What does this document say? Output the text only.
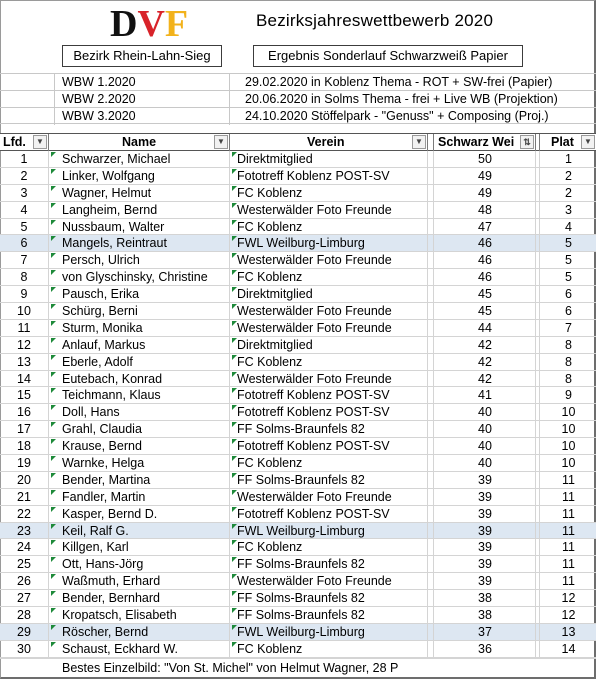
DVF	Bezirksjahreswettbewerb 2020
Bezirk Rhein-Lahn-Sieg	Ergebnis Sonderlauf Schwarzweiß Papier
WBW 1.2020	29.02.2020 in Koblenz Thema - ROT + SW-frei (Papier)
WBW 2.2020	20.06.2020 in Solms Thema - frei + Live WB (Projektion)
WBW 3.2020	24.10.2020 Stöffelpark - "Genuss" + Composing (Proj.)
Lfd.	▼	Name	▼	Verein	▼ Schwarz Wei	⇅ Plat	▼
1	Schwarzer, Michael	Direktmitglied	50	1
2	Linker, Wolfgang	Fototreff Koblenz POST-SV	49	2
3	Wagner, Helmut	FC Koblenz	49	2
4	Langheim, Bernd	Westerwälder Foto Freunde	48	3
5	Nussbaum, Walter	FC Koblenz	47	4
6	Mangels, Reintraut	FWL Weilburg-Limburg	46	5
7	Persch, Ulrich	Westerwälder Foto Freunde	46	5
8	von Glyschinsky, Christine	FC Koblenz	46	5
9	Pausch, Erika	Direktmitglied	45	6
10	Schürg, Berni	Westerwälder Foto Freunde	45	6
11	Sturm, Monika	Westerwälder Foto Freunde	44	7
12	Anlauf, Markus	Direktmitglied	42	8
13	Eberle, Adolf	FC Koblenz	42	8
14	Eutebach, Konrad	Westerwälder Foto Freunde	42	8
15	Teichmann, Klaus	Fototreff Koblenz POST-SV	41	9
16	Doll, Hans	Fototreff Koblenz POST-SV	40	10
17	Grahl, Claudia	FF Solms-Braunfels 82	40	10
18	Krause, Bernd	Fototreff Koblenz POST-SV	40	10
19	Warnke, Helga	FC Koblenz	40	10
20	Bender, Martina	FF Solms-Braunfels 82	39	11
21	Fandler, Martin	Westerwälder Foto Freunde	39	11
22	Kasper, Bernd D.	Fototreff Koblenz POST-SV	39	11
23	Keil, Ralf G.	FWL Weilburg-Limburg	39	11
24	Killgen, Karl	FC Koblenz	39	11
25	Ott, Hans-Jörg	FF Solms-Braunfels 82	39	11
26	Waßmuth, Erhard	Westerwälder Foto Freunde	39	11
27	Bender, Bernhard	FF Solms-Braunfels 82	38	12
28	Kropatsch, Elisabeth	FF Solms-Braunfels 82	38	12
29	Röscher, Bernd	FWL Weilburg-Limburg	37	13
30	Schaust, Eckhard W.	FC Koblenz	36	14
Bestes Einzelbild: "Von St. Michel" von Helmut Wagner, 28 P
